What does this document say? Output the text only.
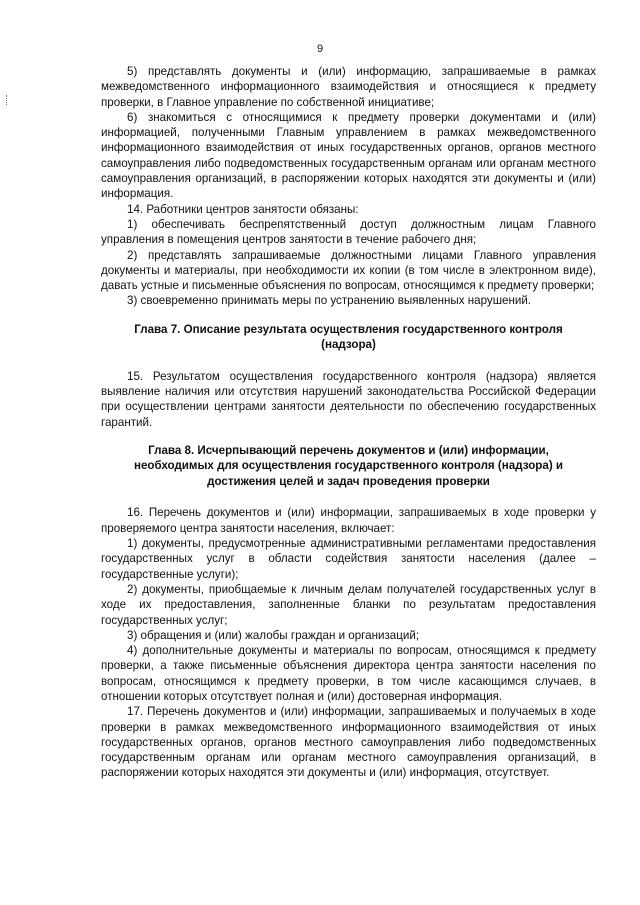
9

5) представлять документы и (или) информацию, запрашиваемые в рамках межведомственного информационного взаимодействия и относящиеся к предмету проверки, в Главное управление по собственной инициативе;

6) знакомиться с относящимися к предмету проверки документами и (или) информацией, полученными Главным управлением в рамках межведомственного информационного взаимодействия от иных государственных органов, органов местного самоуправления либо подведомственных государственным органам или органам местного самоуправления организаций, в распоряжении которых находятся эти документы и (или) информация.

14. Работники центров занятости обязаны:

1) обеспечивать беспрепятственный доступ должностным лицам Главного управления в помещения центров занятости в течение рабочего дня;

2) представлять запрашиваемые должностными лицами Главного управления документы и материалы, при необходимости их копии (в том числе в электронном виде), давать устные и письменные объяснения по вопросам, относящимся к предмету проверки;

3) своевременно принимать меры по устранению выявленных нарушений.

Глава 7. Описание результата осуществления государственного контроля (надзора)

15. Результатом осуществления государственного контроля (надзора) является выявление наличия или отсутствия нарушений законодательства Российской Федерации при осуществлении центрами занятости деятельности по обеспечению государственных гарантий.

Глава 8. Исчерпывающий перечень документов и (или) информации, необходимых для осуществления государственного контроля (надзора) и достижения целей и задач проведения проверки

16. Перечень документов и (или) информации, запрашиваемых в ходе проверки у проверяемого центра занятости населения, включает:

1) документы, предусмотренные административными регламентами предоставления государственных услуг в области содействия занятости населения (далее – государственные услуги);

2) документы, приобщаемые к личным делам получателей государственных услуг в ходе их предоставления, заполненные бланки по результатам предоставления государственных услуг;

3) обращения и (или) жалобы граждан и организаций;

4) дополнительные документы и материалы по вопросам, относящимся к предмету проверки, а также письменные объяснения директора центра занятости населения по вопросам, относящимся к предмету проверки, в том числе касающимся случаев, в отношении которых отсутствует полная и (или) достоверная информация.

17. Перечень документов и (или) информации, запрашиваемых и получаемых в ходе проверки в рамках межведомственного информационного взаимодействия от иных государственных органов, органов местного самоуправления либо подведомственных государственным органам или органам местного самоуправления организаций, в распоряжении которых находятся эти документы и (или) информация, отсутствует.
